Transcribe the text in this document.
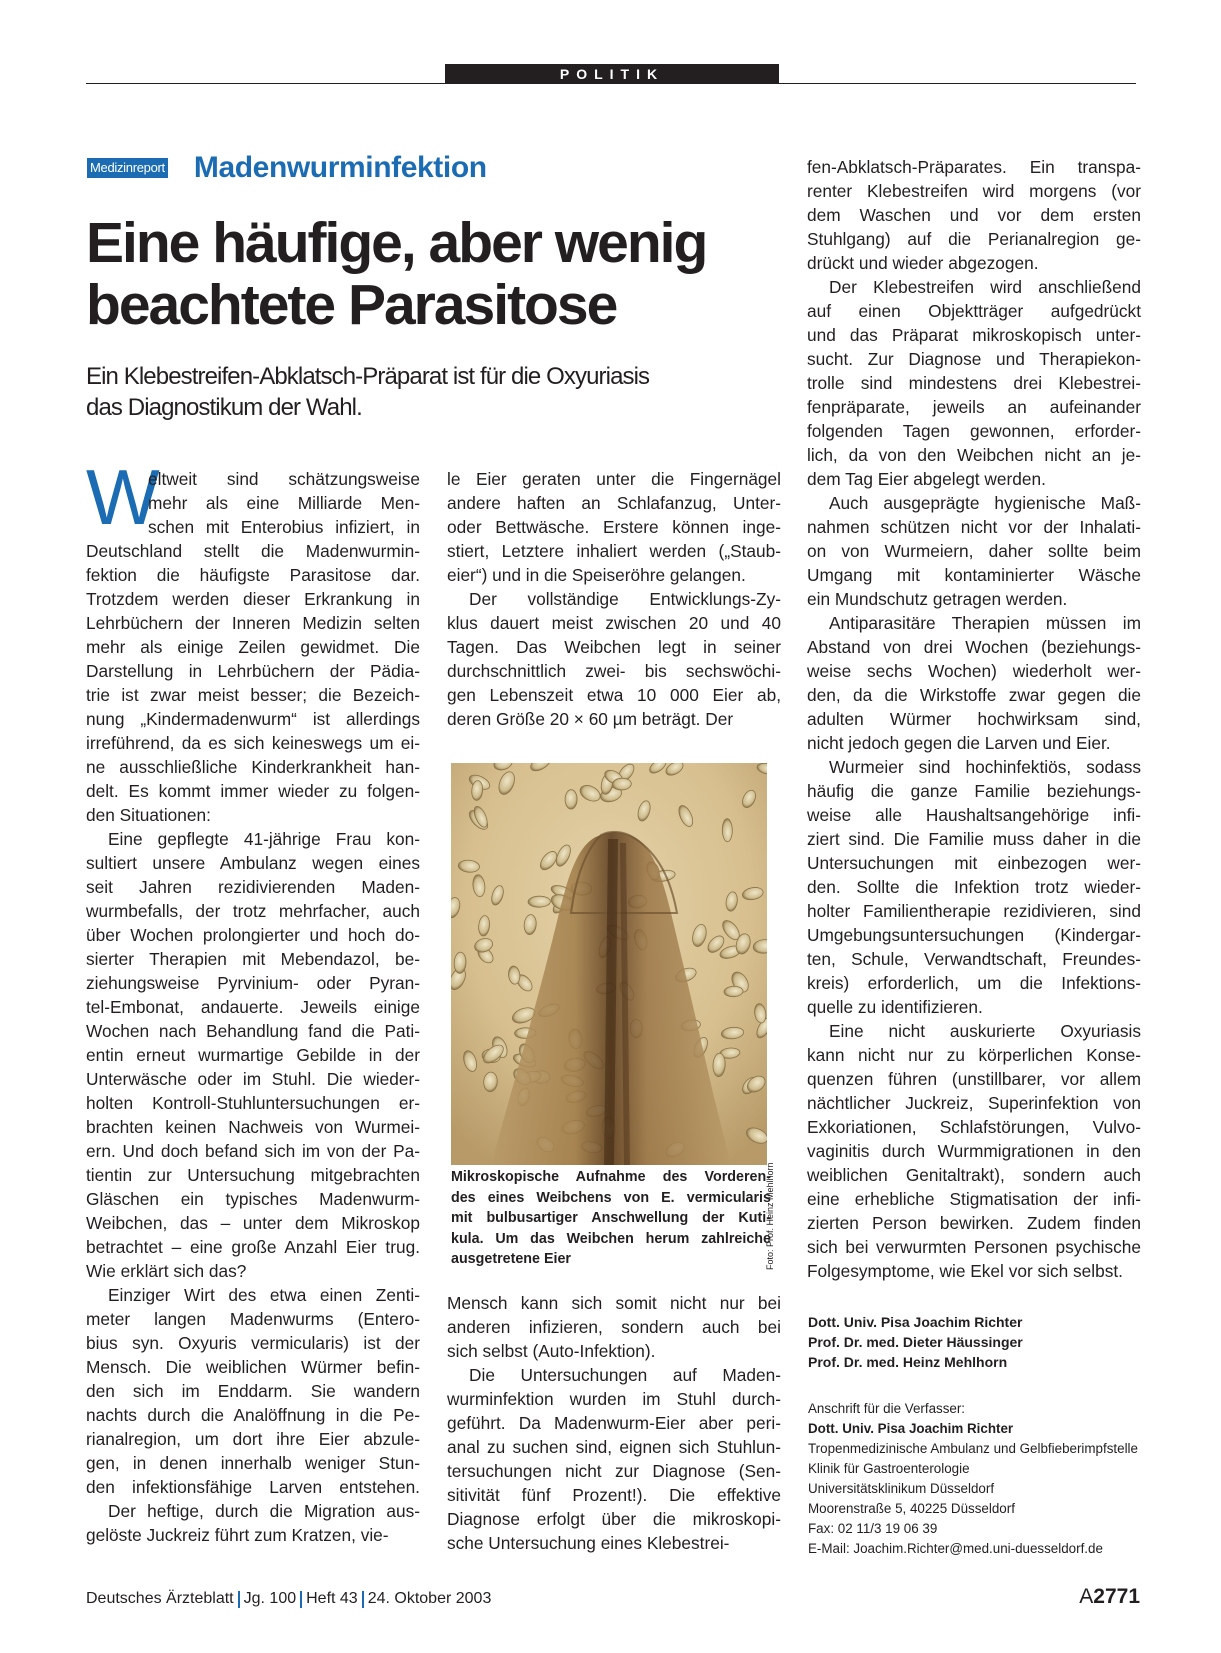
POLITIK
Medizinreport Madenwurminfektion
Eine häufige, aber wenig
beachtete Parasitose
Ein Klebestreifen-Abklatsch-Präparat ist für die Oxyuriasis
das Diagnostikum der Wahl.
W
eltweit sind schätzungsweise
mehr als eine Milliarde Men-
schen mit Enterobius infiziert, in
Deutschland stellt die Madenwurmin-
fektion die häufigste Parasitose dar.
Trotzdem werden dieser Erkrankung in
Lehrbüchern der Inneren Medizin selten
mehr als einige Zeilen gewidmet. Die
Darstellung in Lehrbüchern der Pädia-
trie ist zwar meist besser; die Bezeich-
nung „Kindermadenwurm“ ist allerdings
irreführend, da es sich keineswegs um ei-
ne ausschließliche Kinderkrankheit han-
delt. Es kommt immer wieder zu folgen-
den Situationen:
Eine gepflegte 41-jährige Frau kon-
sultiert unsere Ambulanz wegen eines
seit Jahren rezidivierenden Maden-
wurmbefalls, der trotz mehrfacher, auch
über Wochen prolongierter und hoch do-
sierter Therapien mit Mebendazol, be-
ziehungsweise Pyrvinium- oder Pyran-
tel-Embonat, andauerte. Jeweils einige
Wochen nach Behandlung fand die Pati-
entin erneut wurmartige Gebilde in der
Unterwäsche oder im Stuhl. Die wieder-
holten Kontroll-Stuhluntersuchungen er-
brachten keinen Nachweis von Wurmei-
ern. Und doch befand sich im von der Pa-
tientin zur Untersuchung mitgebrachten
Gläschen ein typisches Madenwurm-
Weibchen, das – unter dem Mikroskop
betrachtet – eine große Anzahl Eier trug.
Wie erklärt sich das?
Einziger Wirt des etwa einen Zenti-
meter langen Madenwurms (Entero-
bius syn. Oxyuris vermicularis) ist der
Mensch. Die weiblichen Würmer befin-
den sich im Enddarm. Sie wandern
nachts durch die Analöffnung in die Pe-
rianalregion, um dort ihre Eier abzule-
gen, in denen innerhalb weniger Stun-
den infektionsfähige Larven entstehen.
Der heftige, durch die Migration aus-
gelöste Juckreiz führt zum Kratzen, vie-
le Eier geraten unter die Fingernägel
andere haften an Schlafanzug, Unter-
oder Bettwäsche. Erstere können inge-
stiert, Letztere inhaliert werden („Staub-
eier“) und in die Speiseröhre gelangen.
Der vollständige Entwicklungs-Zy-
klus dauert meist zwischen 20 und 40
Tagen. Das Weibchen legt in seiner
durchschnittlich zwei- bis sechswöchi-
gen Lebenszeit etwa 10 000 Eier ab,
deren Größe 20 × 60 µm beträgt. Der
Foto: Prof. Heinz Mehlhorn
Mikroskopische Aufnahme des Vorderen-
des eines Weibchens von E. vermicularis
mit bulbusartiger Anschwellung der Kuti-
kula. Um das Weibchen herum zahlreiche
ausgetretene Eier
Mensch kann sich somit nicht nur bei
anderen infizieren, sondern auch bei
sich selbst (Auto-Infektion).
Die Untersuchungen auf Maden-
wurminfektion wurden im Stuhl durch-
geführt. Da Madenwurm-Eier aber peri-
anal zu suchen sind, eignen sich Stuhlun-
tersuchungen nicht zur Diagnose (Sen-
sitivität fünf Prozent!). Die effektive
Diagnose erfolgt über die mikroskopi-
sche Untersuchung eines Klebestrei-
fen-Abklatsch-Präparates. Ein transpa-
renter Klebestreifen wird morgens (vor
dem Waschen und vor dem ersten
Stuhlgang) auf die Perianalregion ge-
drückt und wieder abgezogen.
Der Klebestreifen wird anschließend
auf einen Objektträger aufgedrückt
und das Präparat mikroskopisch unter-
sucht. Zur Diagnose und Therapiekon-
trolle sind mindestens drei Klebestrei-
fenpräparate, jeweils an aufeinander
folgenden Tagen gewonnen, erforder-
lich, da von den Weibchen nicht an je-
dem Tag Eier abgelegt werden.
Auch ausgeprägte hygienische Maß-
nahmen schützen nicht vor der Inhalati-
on von Wurmeiern, daher sollte beim
Umgang mit kontaminierter Wäsche
ein Mundschutz getragen werden.
Antiparasitäre Therapien müssen im
Abstand von drei Wochen (beziehungs-
weise sechs Wochen) wiederholt wer-
den, da die Wirkstoffe zwar gegen die
adulten Würmer hochwirksam sind,
nicht jedoch gegen die Larven und Eier.
Wurmeier sind hochinfektiös, sodass
häufig die ganze Familie beziehungs-
weise alle Haushaltsangehörige infi-
ziert sind. Die Familie muss daher in die
Untersuchungen mit einbezogen wer-
den. Sollte die Infektion trotz wieder-
holter Familientherapie rezidivieren, sind
Umgebungsuntersuchungen (Kindergar-
ten, Schule, Verwandtschaft, Freundes-
kreis) erforderlich, um die Infektions-
quelle zu identifizieren.
Eine nicht auskurierte Oxyuriasis
kann nicht nur zu körperlichen Konse-
quenzen führen (unstillbarer, vor allem
nächtlicher Juckreiz, Superinfektion von
Exkoriationen, Schlafstörungen, Vulvo-
vaginitis durch Wurmmigrationen in den
weiblichen Genitaltrakt), sondern auch
eine erhebliche Stigmatisation der infi-
zierten Person bewirken. Zudem finden
sich bei verwurmten Personen psychische
Folgesymptome, wie Ekel vor sich selbst.
Dott. Univ. Pisa Joachim Richter
Prof. Dr. med. Dieter Häussinger
Prof. Dr. med. Heinz Mehlhorn
Anschrift für die Verfasser:
Dott. Univ. Pisa Joachim Richter
Tropenmedizinische Ambulanz und Gelbfieberimpfstelle
Klinik für Gastroenterologie
Universitätsklinikum Düsseldorf
Moorenstraße 5, 40225 Düsseldorf
Fax: 02 11/3 19 06 39
E-Mail: Joachim.Richter@med.uni-duesseldorf.de
Deutsches Ärzteblatt Jg. 100 Heft 43 24. Oktober 2003	A2771
